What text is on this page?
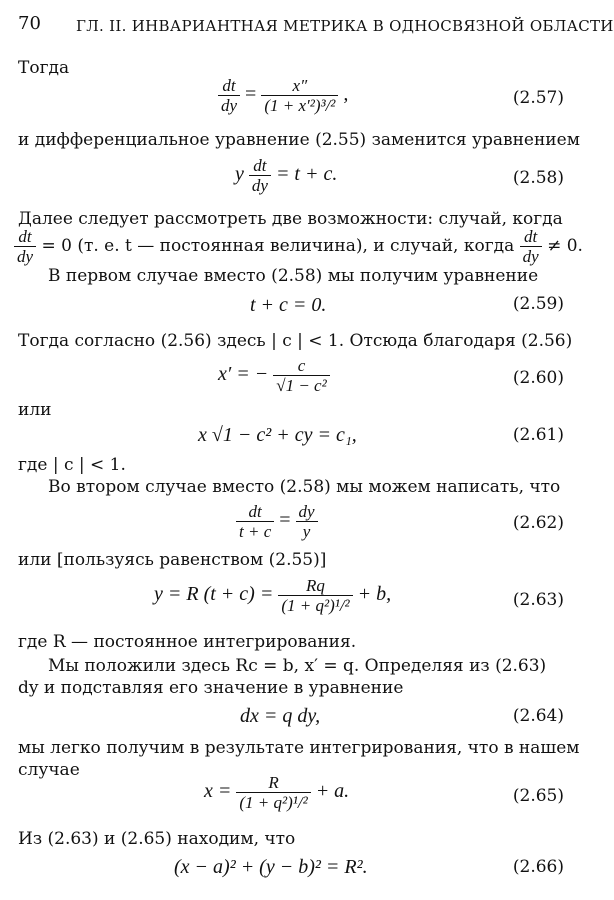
70 ГЛ. II. ИНВАРИАНТНАЯ МЕТРИКА В ОДНОСВЯЗНОЙ ОБЛАСТИ
Тогда
$\frac{dt}{dy} = \frac{x''}{\text{(1 + x′²)³/²}}$ ,	(2.57)
и дифференциальное уравнение (2.55) заменится уравнением
y $\frac{dt}{dy} = t + c$.	(2.58)
Далее следует рассмотреть две возможности: случай, когда
$\frac{dt}{dy} = 0$ (т. е. t — постоянная величина), и случай, когда $\frac{dt}{dy} \ne 0$.
В первом случае вместо (2.58) мы получим уравнение
t + c = 0.	(2.59)
Тогда согласно (2.56) здесь | c | < 1. Отсюда благодаря (2.56)
x′ = − $\frac{c}{\text{√1 − c²}}$	(2.60)
или
x √1 − c² + cy = c₁,	(2.61)
где | c | < 1.
Во втором случае вместо (2.58) мы можем написать, что
$\frac{dt}{t + c} = \frac{dy}{y}$	(2.62)
или [пользуясь равенством (2.55)]
y = R $(t + c) = \frac{Rq}{\text{(1 + q²)¹/²}} + b$,	(2.63)
где R — постоянное интегрирования.
Мы положили здесь Rc = b, x′ = q. Определяя из (2.63)
dy и подставляя его значение в уравнение
dx = q dy,	(2.64)
мы легко получим в результате интегрирования, что в нашем
случае
$x = \frac{R}{\text{(1 + q²)¹/²}} + a$.	(2.65)
Из (2.63) и (2.65) находим, что
(x − a)² + (y − b)² = R².	(2.66)
